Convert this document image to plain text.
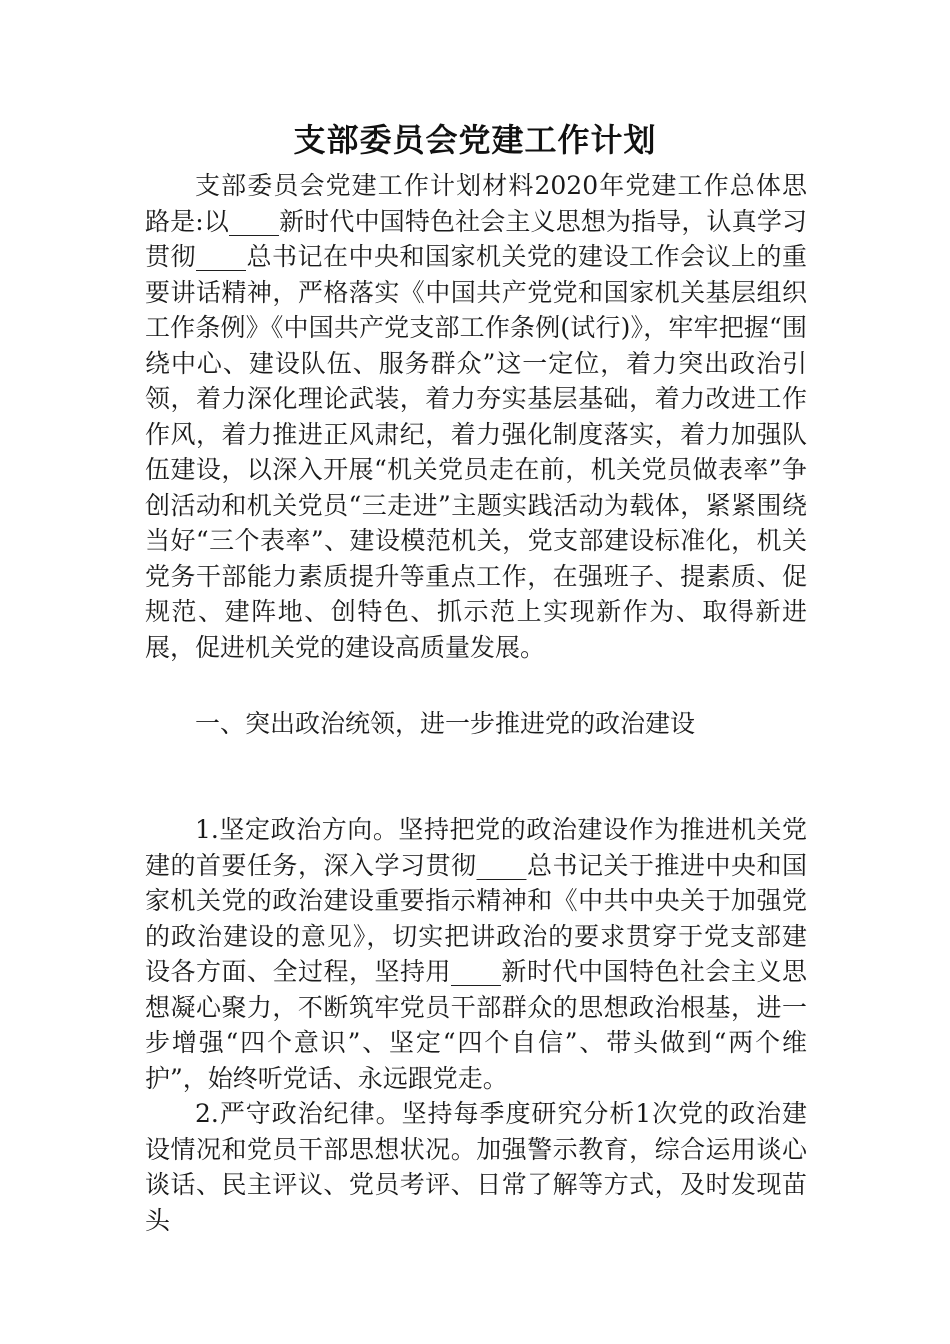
支部委员会党建工作计划

支部委员会党建工作计划材料2020年党建工作总体思路是:以____新时代中国特色社会主义思想为指导，认真学习贯彻____总书记在中央和国家机关党的建设工作会议上的重要讲话精神，严格落实《中国共产党党和国家机关基层组织工作条例》《中国共产党支部工作条例(试行)》，牢牢把握“围绕中心、建设队伍、服务群众”这一定位，着力突出政治引领，着力深化理论武装，着力夯实基层基础，着力改进工作作风，着力推进正风肃纪，着力强化制度落实，着力加强队伍建设，以深入开展“机关党员走在前，机关党员做表率”争创活动和机关党员“三走进”主题实践活动为载体，紧紧围绕当好“三个表率”、建设模范机关，党支部建设标准化，机关党务干部能力素质提升等重点工作，在强班子、提素质、促规范、建阵地、创特色、抓示范上实现新作为、取得新进展，促进机关党的建设高质量发展。

一、突出政治统领，进一步推进党的政治建设

1.坚定政治方向。坚持把党的政治建设作为推进机关党建的首要任务，深入学习贯彻____总书记关于推进中央和国家机关党的政治建设重要指示精神和《中共中央关于加强党的政治建设的意见》，切实把讲政治的要求贯穿于党支部建设各方面、全过程，坚持用____新时代中国特色社会主义思想凝心聚力，不断筑牢党员干部群众的思想政治根基，进一步增强“四个意识”、坚定“四个自信”、带头做到“两个维护”，始终听党话、永远跟党走。

2.严守政治纪律。坚持每季度研究分析1次党的政治建设情况和党员干部思想状况。加强警示教育，综合运用谈心谈话、民主评议、党员考评、日常了解等方式，及时发现苗头
